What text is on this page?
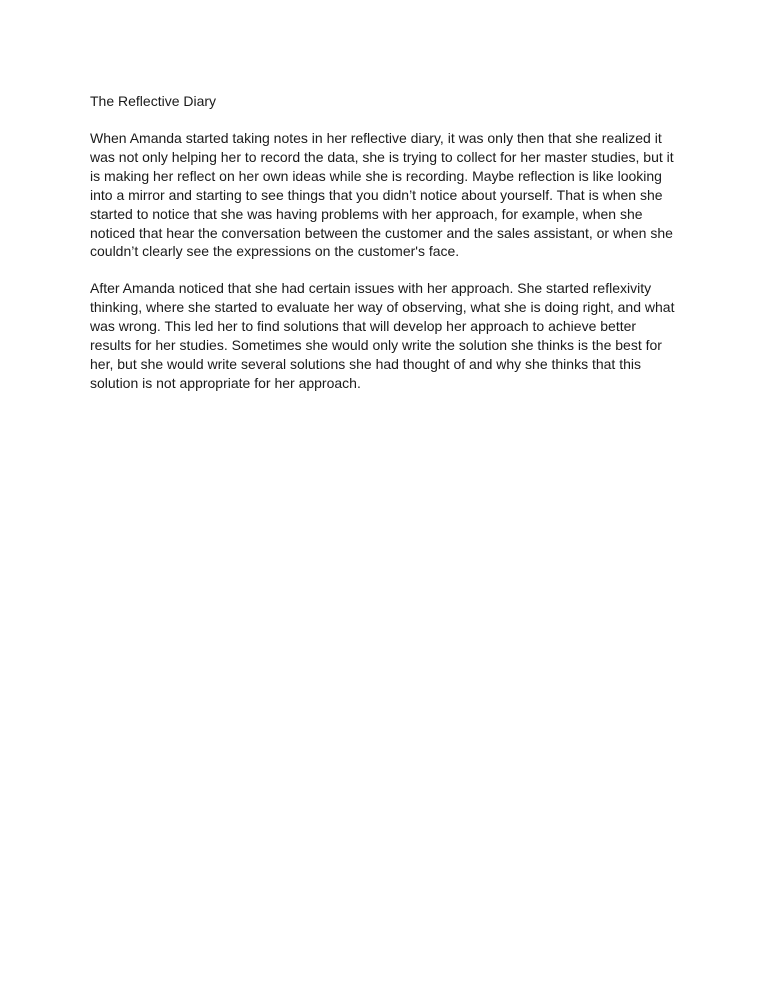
The Reflective Diary
When Amanda started taking notes in her reflective diary, it was only then that she realized it
was not only helping her to record the data, she is trying to collect for her master studies, but it
is making her reflect on her own ideas while she is recording. Maybe reflection is like looking
into a mirror and starting to see things that you didn’t notice about yourself. That is when she
started to notice that she was having problems with her approach, for example, when she
noticed that hear the conversation between the customer and the sales assistant, or when she
couldn’t clearly see the expressions on the customer's face.
After Amanda noticed that she had certain issues with her approach. She started reflexivity
thinking, where she started to evaluate her way of observing, what she is doing right, and what
was wrong. This led her to find solutions that will develop her approach to achieve better
results for her studies. Sometimes she would only write the solution she thinks is the best for
her, but she would write several solutions she had thought of and why she thinks that this
solution is not appropriate for her approach.
